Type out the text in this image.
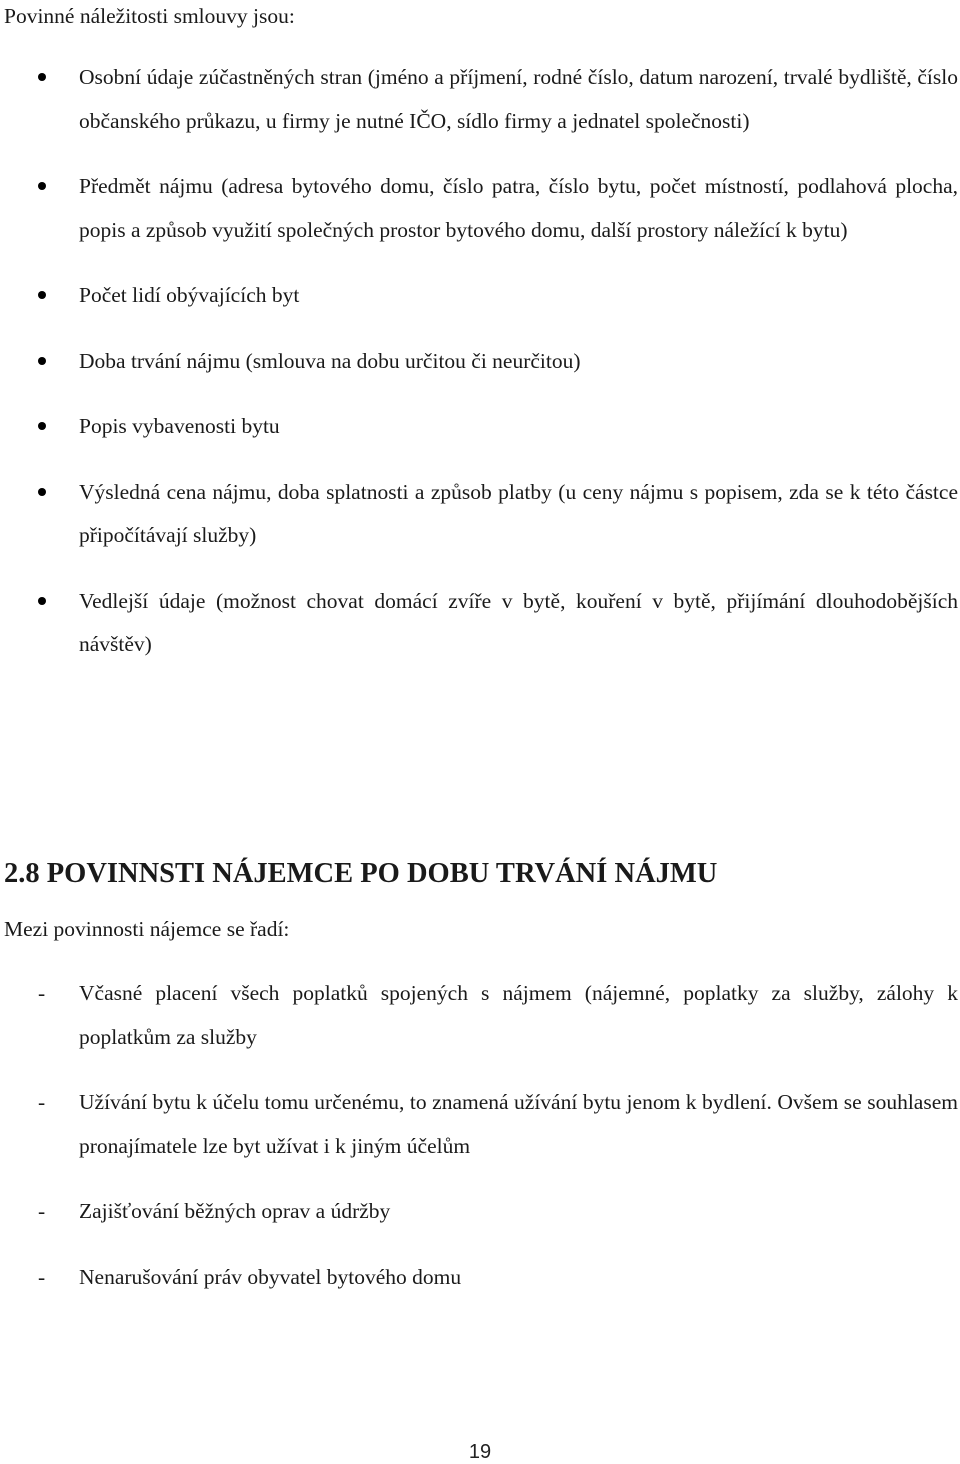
Povinné náležitosti smlouvy jsou:

Osobní údaje zúčastněných stran (jméno a příjmení, rodné číslo, datum narození, trvalé bydliště, číslo občanského průkazu, u firmy je nutné IČO, sídlo firmy a jednatel společnosti)
Předmět nájmu (adresa bytového domu, číslo patra, číslo bytu, počet místností, podlahová plocha, popis a způsob využití společných prostor bytového domu, další prostory náležící k bytu)
Počet lidí obývajících byt
Doba trvání nájmu (smlouva na dobu určitou či neurčitou)
Popis vybavenosti bytu
Výsledná cena nájmu, doba splatnosti a způsob platby (u ceny nájmu s popisem, zda se k této částce připočítávají služby)
Vedlejší údaje (možnost chovat domácí zvíře v bytě, kouření v bytě, přijímání dlouhodobějších návštěv)
2.8 POVINNSTI NÁJEMCE PO DOBU TRVÁNÍ NÁJMU

Mezi povinnosti nájemce se řadí:

- Včasné placení všech poplatků spojených s nájmem (nájemné, poplatky za služby, zálohy k poplatkům za služby
- Užívání bytu k účelu tomu určenému, to znamená užívání bytu jenom k bydlení. Ovšem se souhlasem pronajímatele lze byt užívat i k jiným účelům
- Zajišťování běžných oprav a údržby
- Nenarušování práv obyvatel bytového domu
19
